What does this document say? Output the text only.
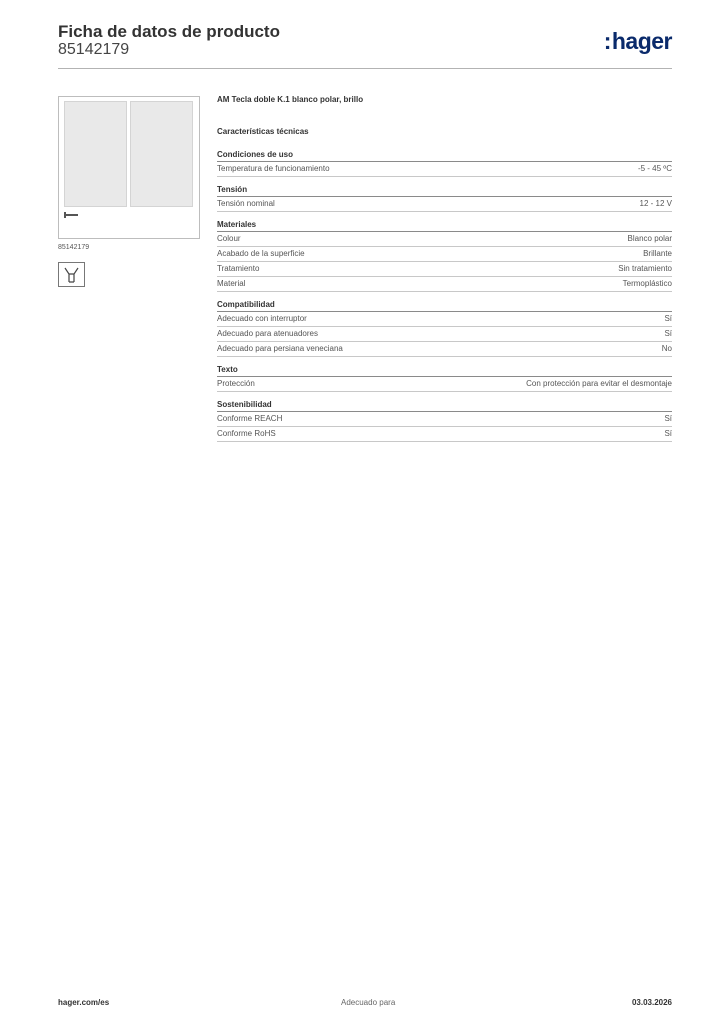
Ficha de datos de producto
85142179	:hager
85142179
AM Tecla doble K.1 blanco polar, brillo
Características técnicas
Condiciones de uso
Temperatura de funcionamiento	-5 - 45 ºC
Tensión
Tensión nominal	12 - 12 V
Materiales
Colour	Blanco polar
Acabado de la superficie	Brillante
Tratamiento	Sin tratamiento
Material	Termoplástico
Compatibilidad
Adecuado con interruptor	Sí
Adecuado para atenuadores	Sí
Adecuado para persiana veneciana	No
Texto
Protección	Con protección para evitar el desmontaje
Sostenibilidad
Conforme REACH	Sí
Conforme RoHS	Sí
hager.com/es	Adecuado para	03.03.2026
